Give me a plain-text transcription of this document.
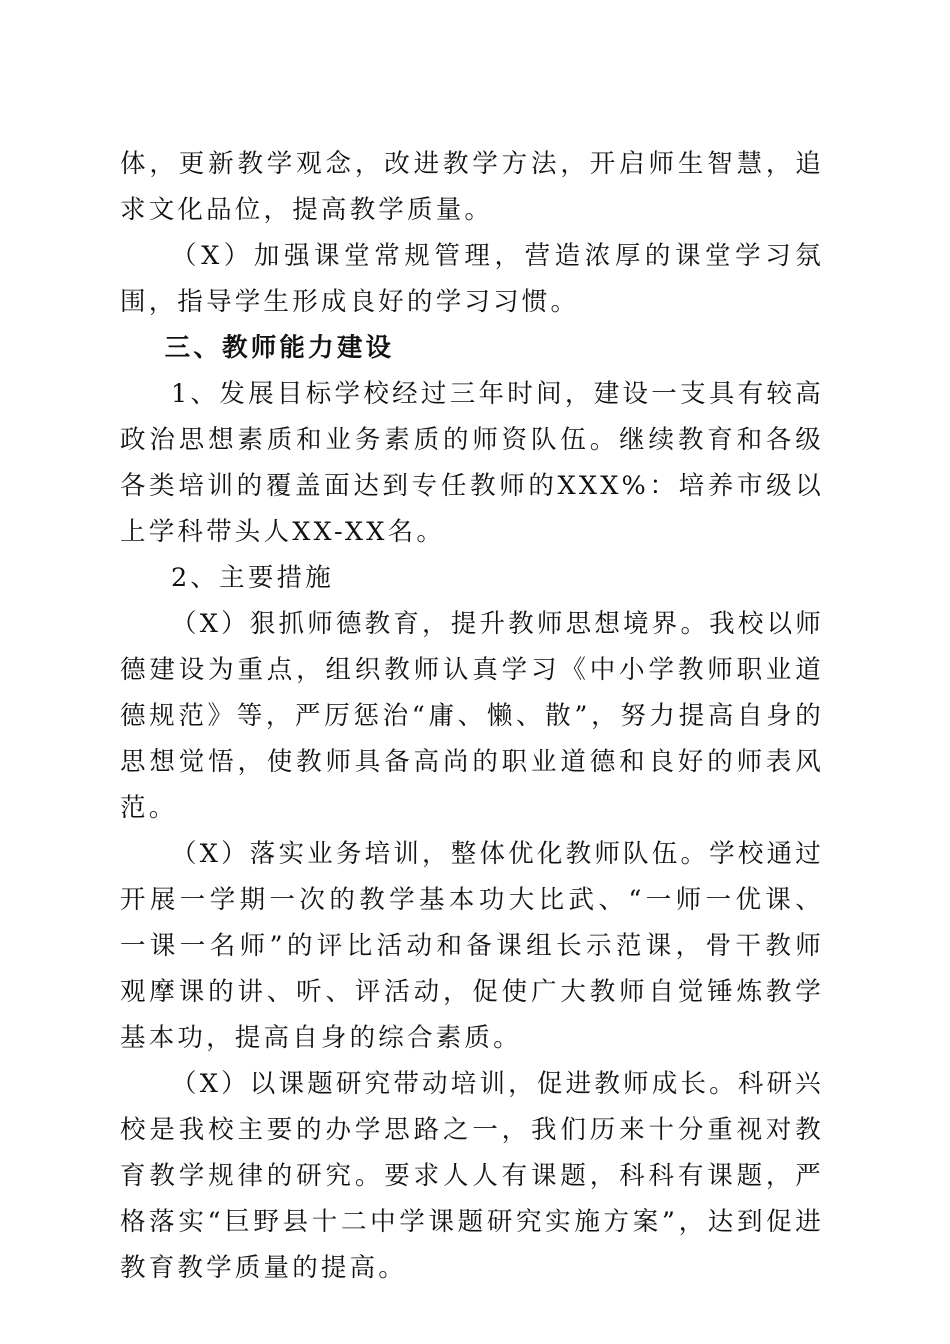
体，更新教学观念，改进教学方法，开启师生智慧，追求文化品位，提高教学质量。

（X）加强课堂常规管理，营造浓厚的课堂学习氛围，指导学生形成良好的学习习惯。

三、教师能力建设

1、发展目标学校经过三年时间，建设一支具有较高政治思想素质和业务素质的师资队伍。继续教育和各级各类培训的覆盖面达到专任教师的XXX%：培养市级以上学科带头人XX-XX名。

2、主要措施

（X）狠抓师德教育，提升教师思想境界。我校以师德建设为重点，组织教师认真学习《中小学教师职业道德规范》等，严厉惩治“庸、懒、散”，努力提高自身的思想觉悟，使教师具备高尚的职业道德和良好的师表风范。

（X）落实业务培训，整体优化教师队伍。学校通过开展一学期一次的教学基本功大比武、“一师一优课、一课一名师”的评比活动和备课组长示范课，骨干教师观摩课的讲、听、评活动，促使广大教师自觉锤炼教学基本功，提高自身的综合素质。

（X）以课题研究带动培训，促进教师成长。科研兴校是我校主要的办学思路之一，我们历来十分重视对教育教学规律的研究。要求人人有课题，科科有课题，严格落实“巨野县十二中学课题研究实施方案”，达到促进教育教学质量的提高。
